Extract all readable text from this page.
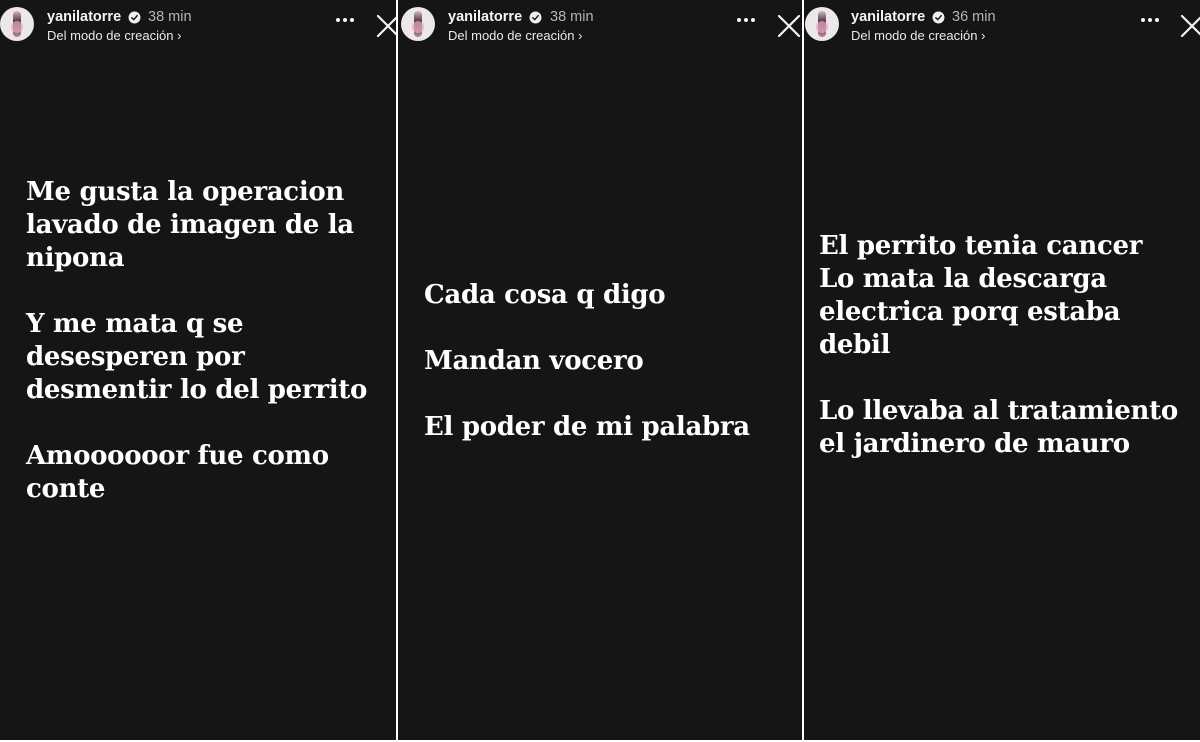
yanilatorre 38 min
Del modo de creación ›
Me gusta la operacion
lavado de imagen de la
nipona
Y me mata q se
desesperen por
desmentir lo del perrito
Amoooooor fue como
conte
yanilatorre 38 min
Del modo de creación ›
Cada cosa q digo
Mandan vocero
El poder de mi palabra
yanilatorre 36 min
Del modo de creación ›
El perrito tenia cancer
Lo mata la descarga
electrica porq estaba
debil
Lo llevaba al tratamiento
el jardinero de mauro
